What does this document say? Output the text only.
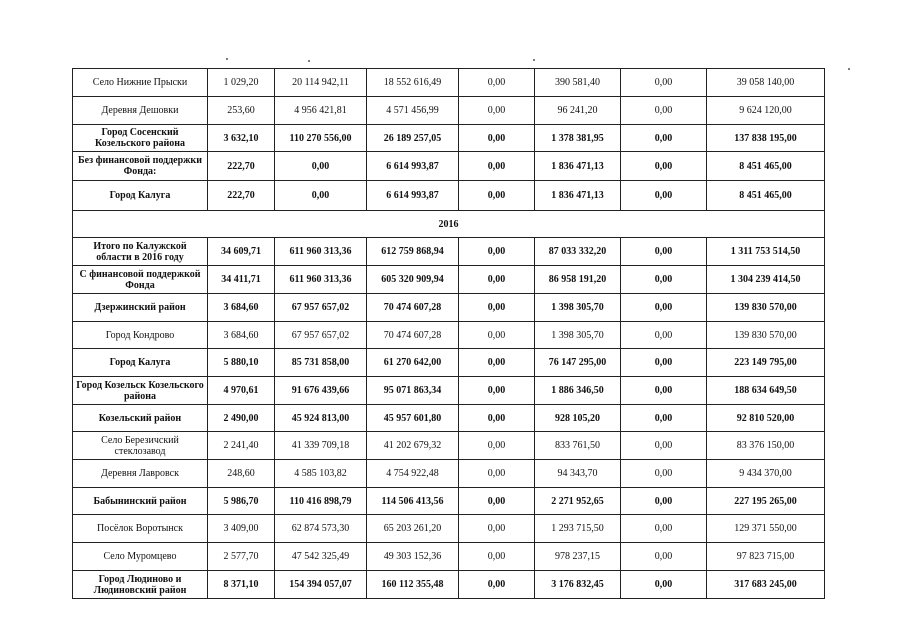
Село Нижние Прыски	1 029,20	20 114 942,11	18 552 616,49	0,00	390 581,40	0,00	39 058 140,00
Деревня Дешовки	253,60	4 956 421,81	4 571 456,99	0,00	96 241,20	0,00	9 624 120,00
Город Сосенский Козельского района	3 632,10	110 270 556,00	26 189 257,05	0,00	1 378 381,95	0,00	137 838 195,00
Без финансовой поддержки Фонда:	222,70	0,00	6 614 993,87	0,00	1 836 471,13	0,00	8 451 465,00
Город Калуга	222,70	0,00	6 614 993,87	0,00	1 836 471,13	0,00	8 451 465,00
2016							
Итого по Калужской области в 2016 году	34 609,71	611 960 313,36	612 759 868,94	0,00	87 033 332,20	0,00	1 311 753 514,50
С финансовой поддержкой Фонда	34 411,71	611 960 313,36	605 320 909,94	0,00	86 958 191,20	0,00	1 304 239 414,50
Дзержинский район	3 684,60	67 957 657,02	70 474 607,28	0,00	1 398 305,70	0,00	139 830 570,00
Город Кондрово	3 684,60	67 957 657,02	70 474 607,28	0,00	1 398 305,70	0,00	139 830 570,00
Город Калуга	5 880,10	85 731 858,00	61 270 642,00	0,00	76 147 295,00	0,00	223 149 795,00
Город Козельск Козельского района	4 970,61	91 676 439,66	95 071 863,34	0,00	1 886 346,50	0,00	188 634 649,50
Козельский район	2 490,00	45 924 813,00	45 957 601,80	0,00	928 105,20	0,00	92 810 520,00
Село Березичский стеклозавод	2 241,40	41 339 709,18	41 202 679,32	0,00	833 761,50	0,00	83 376 150,00
Деревня Лавровск	248,60	4 585 103,82	4 754 922,48	0,00	94 343,70	0,00	9 434 370,00
Бабынинский район	5 986,70	110 416 898,79	114 506 413,56	0,00	2 271 952,65	0,00	227 195 265,00
Посёлок Воротынск	3 409,00	62 874 573,30	65 203 261,20	0,00	1 293 715,50	0,00	129 371 550,00
Село Муромцево	2 577,70	47 542 325,49	49 303 152,36	0,00	978 237,15	0,00	97 823 715,00
Город Людиново и Людиновский район	8 371,10	154 394 057,07	160 112 355,48	0,00	3 176 832,45	0,00	317 683 245,00
